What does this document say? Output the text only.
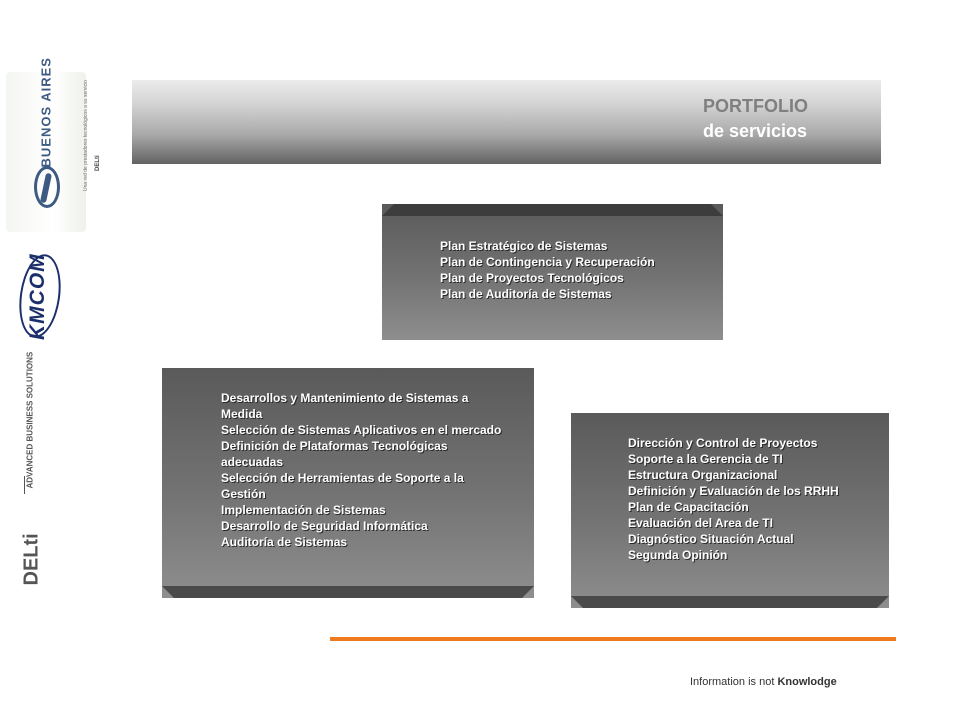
BUENOS AIRES	Una red de prestadores tecnológicos a su servicio DELti
KMCOM
ADVANCED BUSINESS SOLUTIONS
DELti
PORTFOLIO
de servicios
Plan Estratégico de Sistemas
Plan de Contingencia y Recuperación
Plan de Proyectos Tecnológicos
Plan de Auditoría de Sistemas
Desarrollos y Mantenimiento de Sistemas a Medida
Selección de Sistemas Aplicativos en el mercado
Definición de Plataformas Tecnológicas adecuadas
Selección de Herramientas de Soporte a la Gestión
Implementación de Sistemas
Desarrollo de Seguridad Informática
Auditoría de Sistemas
Dirección y Control de Proyectos
Soporte a la Gerencia de TI
Estructura Organizacional
Definición y Evaluación de los RRHH
Plan de Capacitación
Evaluación del Area de TI
Diagnóstico Situación Actual
Segunda Opinión
Information is not Knowlodge
